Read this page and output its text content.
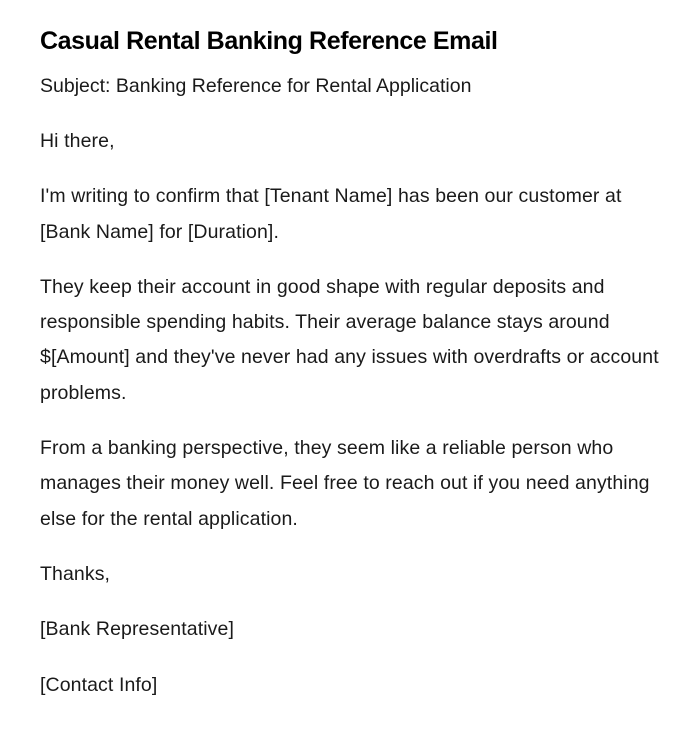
Casual Rental Banking Reference Email

Subject: Banking Reference for Rental Application

Hi there,

I'm writing to confirm that [Tenant Name] has been our customer at [Bank Name] for [Duration].

They keep their account in good shape with regular deposits and responsible spending habits. Their average balance stays around $[Amount] and they've never had any issues with overdrafts or account problems.

From a banking perspective, they seem like a reliable person who manages their money well. Feel free to reach out if you need anything else for the rental application.

Thanks,

[Bank Representative]

[Contact Info]
